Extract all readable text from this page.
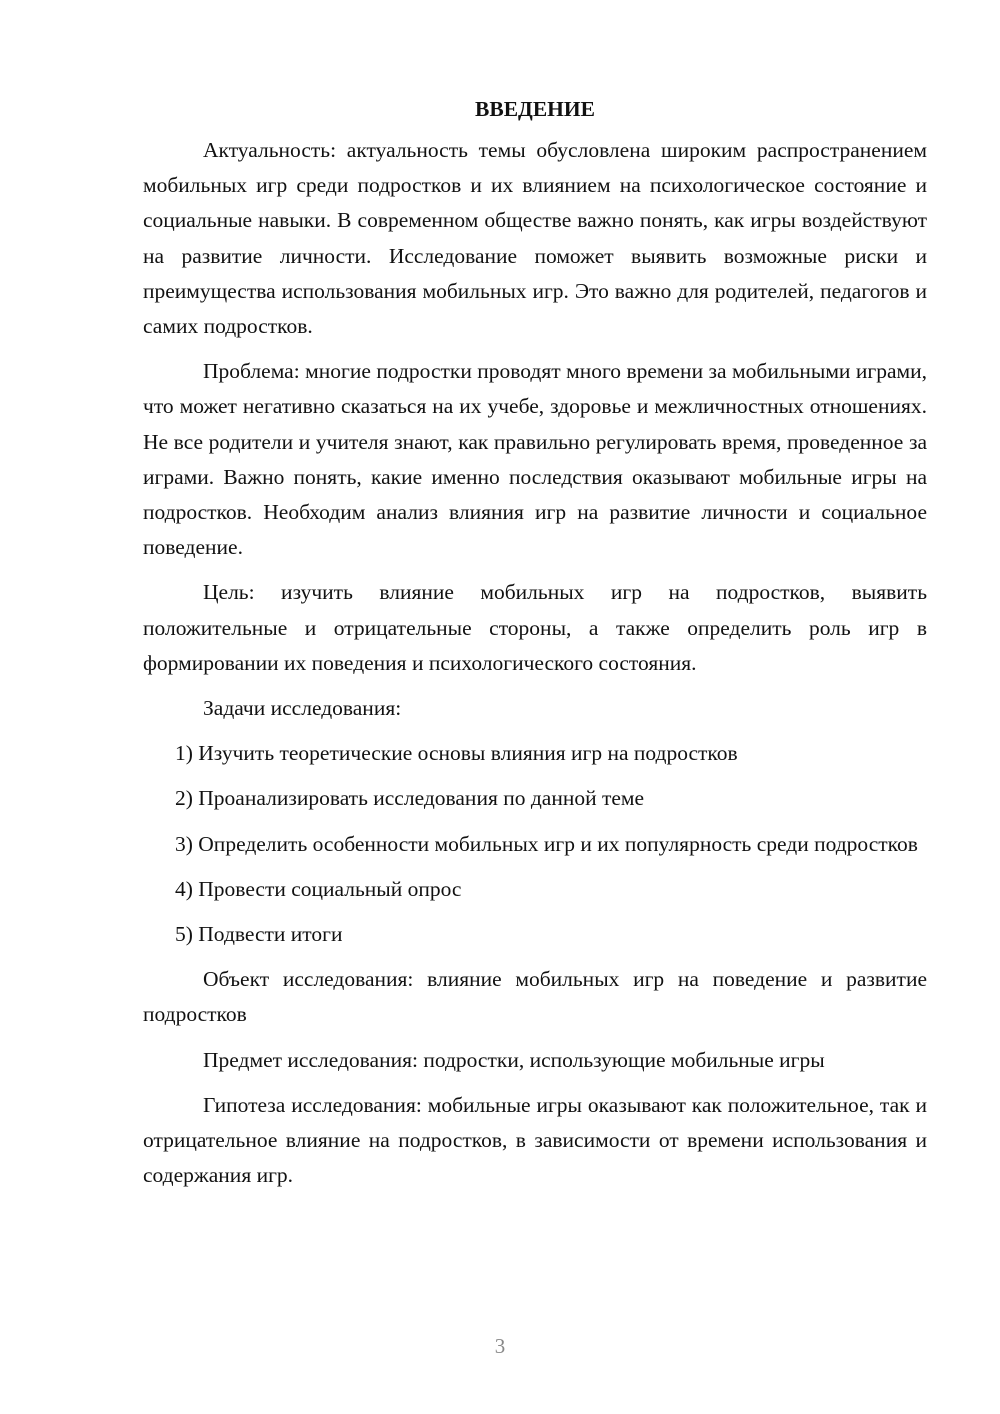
ВВЕДЕНИЕ

Актуальность: актуальность темы обусловлена широким распространением мобильных игр среди подростков и их влиянием на психологическое состояние и социальные навыки. В современном обществе важно понять, как игры воздействуют на развитие личности. Исследование поможет выявить возможные риски и преимущества использования мобильных игр. Это важно для родителей, педагогов и самих подростков.

Проблема: многие подростки проводят много времени за мобильными играми, что может негативно сказаться на их учебе, здоровье и межличностных отношениях. Не все родители и учителя знают, как правильно регулировать время, проведенное за играми. Важно понять, какие именно последствия оказывают мобильные игры на подростков. Необходим анализ влияния игр на развитие личности и социальное поведение.

Цель: изучить влияние мобильных игр на подростков, выявить положительные и отрицательные стороны, а также определить роль игр в формировании их поведения и психологического состояния.

Задачи исследования:

1) Изучить теоретические основы влияния игр на подростков

2) Проанализировать исследования по данной теме

3) Определить особенности мобильных игр и их популярность среди подростков

4) Провести социальный опрос

5) Подвести итоги

Объект исследования: влияние мобильных игр на поведение и развитие подростков

Предмет исследования: подростки, использующие мобильные игры

Гипотеза исследования: мобильные игры оказывают как положительное, так и отрицательное влияние на подростков, в зависимости от времени использования и содержания игр.

3
